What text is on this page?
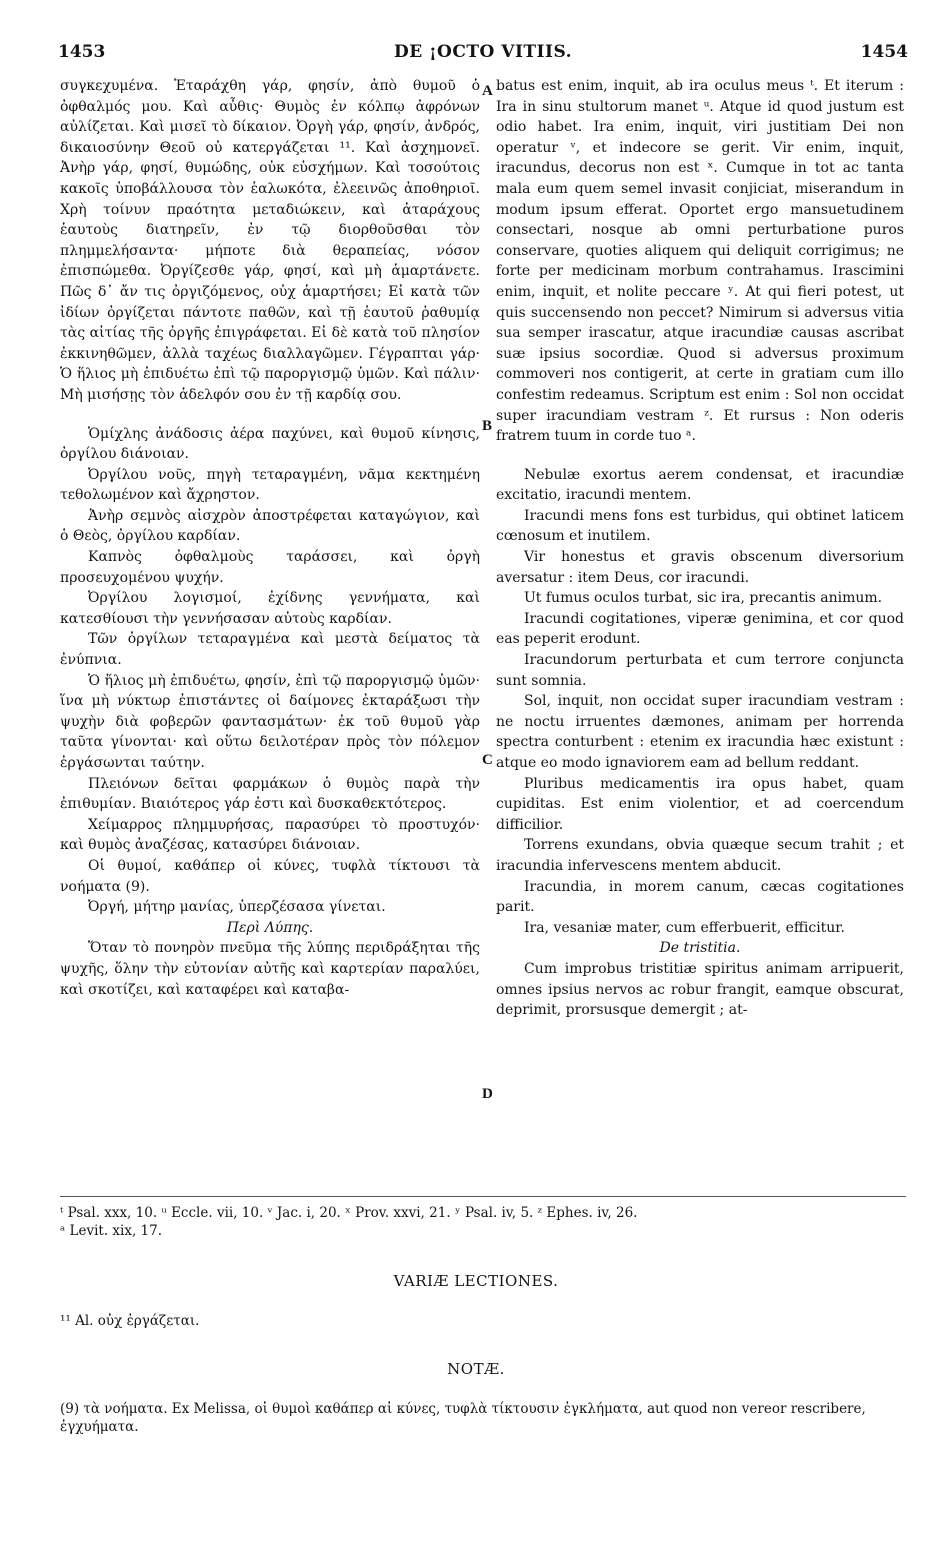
1453	DE ¡OCTO VITIIS.	1454

συγκεχυμένα. Ἐταράχθη γάρ, φησίν, ἀπὸ θυμοῦ ὁ ὀφθαλμός μου. Καὶ αὖθις· Θυμὸς ἐν κόλπῳ ἀφρόνων αὐλίζεται. Καὶ μισεῖ τὸ δίκαιον. Ὀργὴ γάρ, φησίν, ἀνδρός, δικαιοσύνην Θεοῦ οὐ κατεργάζεται ¹¹. Καὶ ἀσχημονεῖ. Ἀνὴρ γάρ, φησί, θυμώδης, οὐκ εὐσχήμων. Καὶ τοσούτοις κακοῖς ὑποβάλλουσα τὸν ἑαλωκότα, ἐλεεινῶς ἀποθηριοῖ. Χρὴ τοίνυν πραότητα μεταδιώκειν, καὶ ἀταράχους ἑαυτοὺς διατηρεῖν, ἐν τῷ διορθοῦσθαι τὸν πλημμελήσαντα· μήποτε διὰ θεραπείας, νόσον ἐπισπώμεθα. Ὀργίζεσθε γάρ, φησί, καὶ μὴ ἁμαρτάνετε. Πῶς δ᾽ ἄν τις ὀργιζόμενος, οὐχ ἁμαρτήσει; Εἰ κατὰ τῶν ἰδίων ὀργίζεται πάντοτε παθῶν, καὶ τῇ ἑαυτοῦ ῥαθυμίᾳ τὰς αἰτίας τῆς ὀργῆς ἐπιγράφεται. Εἰ δὲ κατὰ τοῦ πλησίον ἐκκινηθῶμεν, ἀλλὰ ταχέως διαλλαγῶμεν. Γέγραπται γάρ· Ὁ ἥλιος μὴ ἐπιδυέτω ἐπὶ τῷ παροργισμῷ ὑμῶν. Καὶ πάλιν· Μὴ μισήσῃς τὸν ἀδελφόν σου ἐν τῇ καρδίᾳ σου.

Ὁμίχλης ἀνάδοσις ἀέρα παχύνει, καὶ θυμοῦ κίνησις, ὀργίλου διάνοιαν.

Ὀργίλου νοῦς, πηγὴ τεταραγμένη, νᾶμα κεκτημένη τεθολωμένον καὶ ἄχρηστον.

Ἀνὴρ σεμνὸς αἰσχρὸν ἀποστρέφεται καταγώγιον, καὶ ὁ Θεὸς, ὀργίλου καρδίαν.

Καπνὸς ὀφθαλμοὺς ταράσσει, καὶ ὀργὴ προσευχομένου ψυχήν.

Ὀργίλου λογισμοί, ἐχίδνης γεννήματα, καὶ κατεσθίουσι τὴν γεννήσασαν αὐτοὺς καρδίαν.

Τῶν ὀργίλων τεταραγμένα καὶ μεστὰ δείματος τὰ ἐνύπνια.

Ὁ ἥλιος μὴ ἐπιδυέτω, φησίν, ἐπὶ τῷ παροργισμῷ ὑμῶν· ἵνα μὴ νύκτωρ ἐπιστάντες οἱ δαίμονες ἐκταράξωσι τὴν ψυχὴν διὰ φοβερῶν φαντασμάτων· ἐκ τοῦ θυμοῦ γὰρ ταῦτα γίνονται· καὶ οὕτω δειλοτέραν πρὸς τὸν πόλεμον ἐργάσωνται ταύτην.

Πλειόνων δεῖται φαρμάκων ὁ θυμὸς παρὰ τὴν ἐπιθυμίαν. Βιαιότερος γάρ ἐστι καὶ δυσκαθεκτότερος.

Χείμαρρος πλημμυρήσας, παρασύρει τὸ προστυχόν· καὶ θυμὸς ἀναζέσας, κατασύρει διάνοιαν.

Οἱ θυμοί, καθάπερ οἱ κύνες, τυφλὰ τίκτουσι τὰ νοήματα (9).

Ὀργή, μήτηρ μανίας, ὑπερζέσασα γίνεται.

Περὶ Λύπης.

Ὅταν τὸ πονηρὸν πνεῦμα τῆς λύπης περιδράξηται τῆς ψυχῆς, ὅλην τὴν εὐτονίαν αὐτῆς καὶ καρτερίαν παραλύει, καὶ σκοτίζει, καὶ καταφέρει καὶ καταβα-

A
B
C
D

batus est enim, inquit, ab ira oculus meus ᵗ. Et iterum : Ira in sinu stultorum manet ᵘ. Atque id quod justum est odio habet. Ira enim, inquit, viri justitiam Dei non operatur ᵛ, et indecore se gerit. Vir enim, inquit, iracundus, decorus non est ˣ. Cumque in tot ac tanta mala eum quem semel invasit conjiciat, miserandum in modum ipsum efferat. Oportet ergo mansuetudinem consectari, nosque ab omni perturbatione puros conservare, quoties aliquem qui deliquit corrigimus; ne forte per medicinam morbum contrahamus. Irascimini enim, inquit, et nolite peccare ʸ. At qui fieri potest, ut quis succensendo non peccet? Nimirum si adversus vitia sua semper irascatur, atque iracundiæ causas ascribat suæ ipsius socordiæ. Quod si adversus proximum commoveri nos contigerit, at certe in gratiam cum illo confestim redeamus. Scriptum est enim : Sol non occidat super iracundiam vestram ᶻ. Et rursus : Non oderis fratrem tuum in corde tuo ᵃ.

Nebulæ exortus aerem condensat, et iracundiæ excitatio, iracundi mentem.

Iracundi mens fons est turbidus, qui obtinet laticem cœnosum et inutilem.

Vir honestus et gravis obscenum diversorium aversatur : item Deus, cor iracundi.

Ut fumus oculos turbat, sic ira, precantis animum.

Iracundi cogitationes, viperæ genimina, et cor quod eas peperit erodunt.

Iracundorum perturbata et cum terrore conjuncta sunt somnia.

Sol, inquit, non occidat super iracundiam vestram : ne noctu irruentes dæmones, animam per horrenda spectra conturbent : etenim ex iracundia hæc existunt : atque eo modo ignaviorem eam ad bellum reddant.

Pluribus medicamentis ira opus habet, quam cupiditas. Est enim violentior, et ad coercendum difficilior.

Torrens exundans, obvia quæque secum trahit ; et iracundia infervescens mentem abducit.

Iracundia, in morem canum, cæcas cogitationes parit.

Ira, vesaniæ mater, cum efferbuerit, efficitur.

De tristitia.

Cum improbus tristitiæ spiritus animam arripuerit, omnes ipsius nervos ac robur frangit, eamque obscurat, deprimit, prorsusque demergit ; at-

ᵗ Psal. xxx, 10. ᵘ Eccle. vii, 10. ᵛ Jac. i, 20. ˣ Prov. xxvi, 21. ʸ Psal. iv, 5. ᶻ Ephes. iv, 26.
ᵃ Levit. xix, 17.
VARIÆ LECTIONES.
¹¹ Al. οὐχ ἐργάζεται.
NOTÆ.
(9) τὰ νοήματα. Ex Melissa, οἱ θυμοὶ καθάπερ αἱ κύνες, τυφλὰ τίκτουσιν ἐγκλήματα, aut quod non vereor rescribere, ἐγχυήματα.
